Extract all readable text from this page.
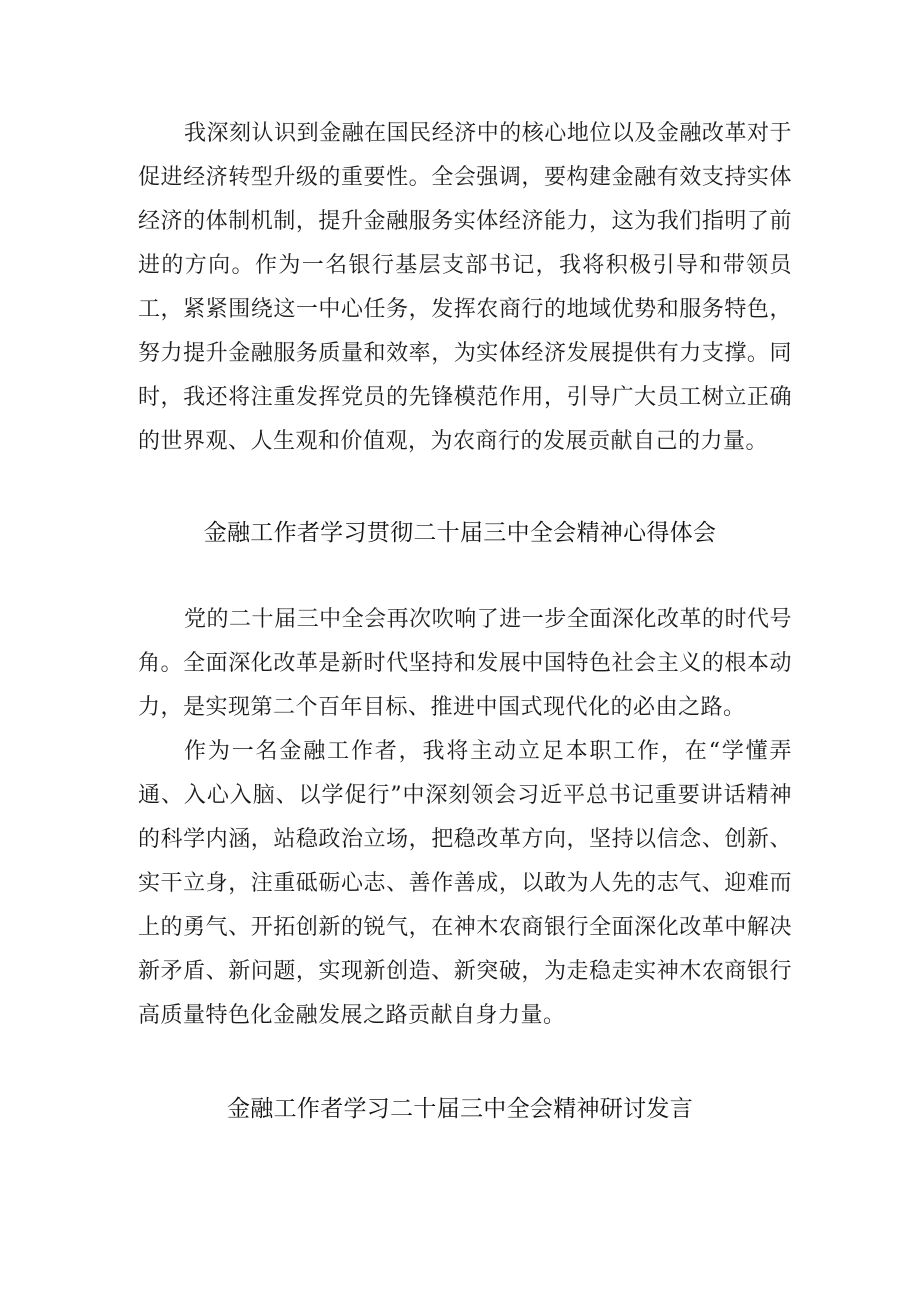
我深刻认识到金融在国民经济中的核心地位以及金融改革对于促进经济转型升级的重要性。全会强调，要构建金融有效支持实体经济的体制机制，提升金融服务实体经济能力，这为我们指明了前进的方向。作为一名银行基层支部书记，我将积极引导和带领员工，紧紧围绕这一中心任务，发挥农商行的地域优势和服务特色，努力提升金融服务质量和效率，为实体经济发展提供有力支撑。同时，我还将注重发挥党员的先锋模范作用，引导广大员工树立正确的世界观、人生观和价值观，为农商行的发展贡献自己的力量。

金融工作者学习贯彻二十届三中全会精神心得体会

党的二十届三中全会再次吹响了进一步全面深化改革的时代号角。全面深化改革是新时代坚持和发展中国特色社会主义的根本动力，是实现第二个百年目标、推进中国式现代化的必由之路。

作为一名金融工作者，我将主动立足本职工作，在“学懂弄通、入心入脑、以学促行”中深刻领会习近平总书记重要讲话精神的科学内涵，站稳政治立场，把稳改革方向，坚持以信念、创新、实干立身，注重砥砺心志、善作善成，以敢为人先的志气、迎难而上的勇气、开拓创新的锐气，在神木农商银行全面深化改革中解决新矛盾、新问题，实现新创造、新突破，为走稳走实神木农商银行高质量特色化金融发展之路贡献自身力量。

金融工作者学习二十届三中全会精神研讨发言
